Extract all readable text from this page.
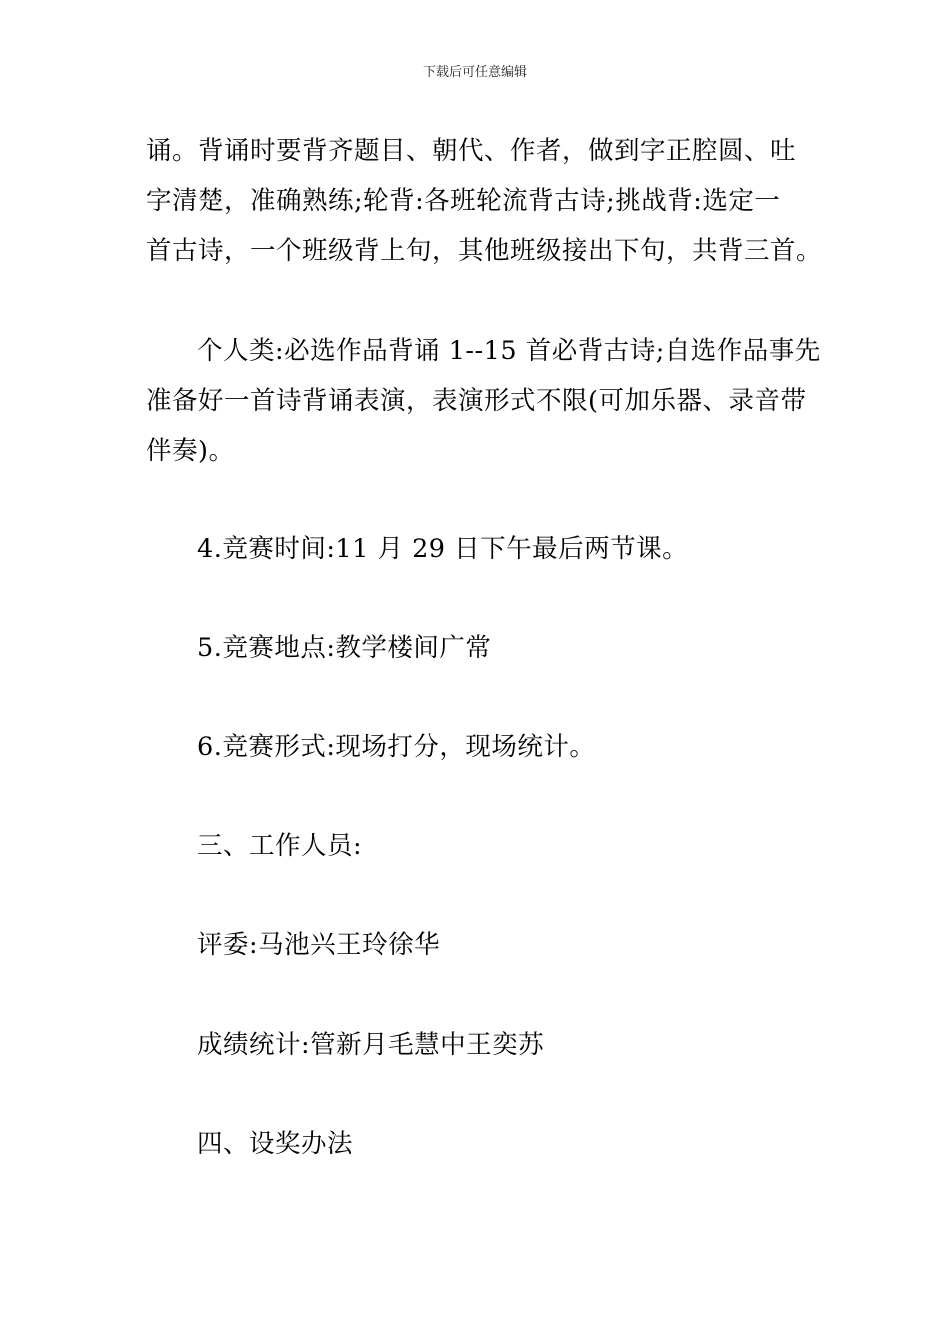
下载后可任意编辑
诵。背诵时要背齐题目、朝代、作者，做到字正腔圆、吐
字清楚，准确熟练;轮背:各班轮流背古诗;挑战背:选定一
首古诗，一个班级背上句，其他班级接出下句，共背三首。
个人类:必选作品背诵 1--15 首必背古诗;自选作品事先
准备好一首诗背诵表演，表演形式不限(可加乐器、录音带
伴奏)。
4.竞赛时间:11 月 29 日下午最后两节课。
5.竞赛地点:教学楼间广常
6.竞赛形式:现场打分，现场统计。
三、工作人员:
评委:马池兴王玲徐华
成绩统计:管新月毛慧中王奕苏
四、设奖办法
